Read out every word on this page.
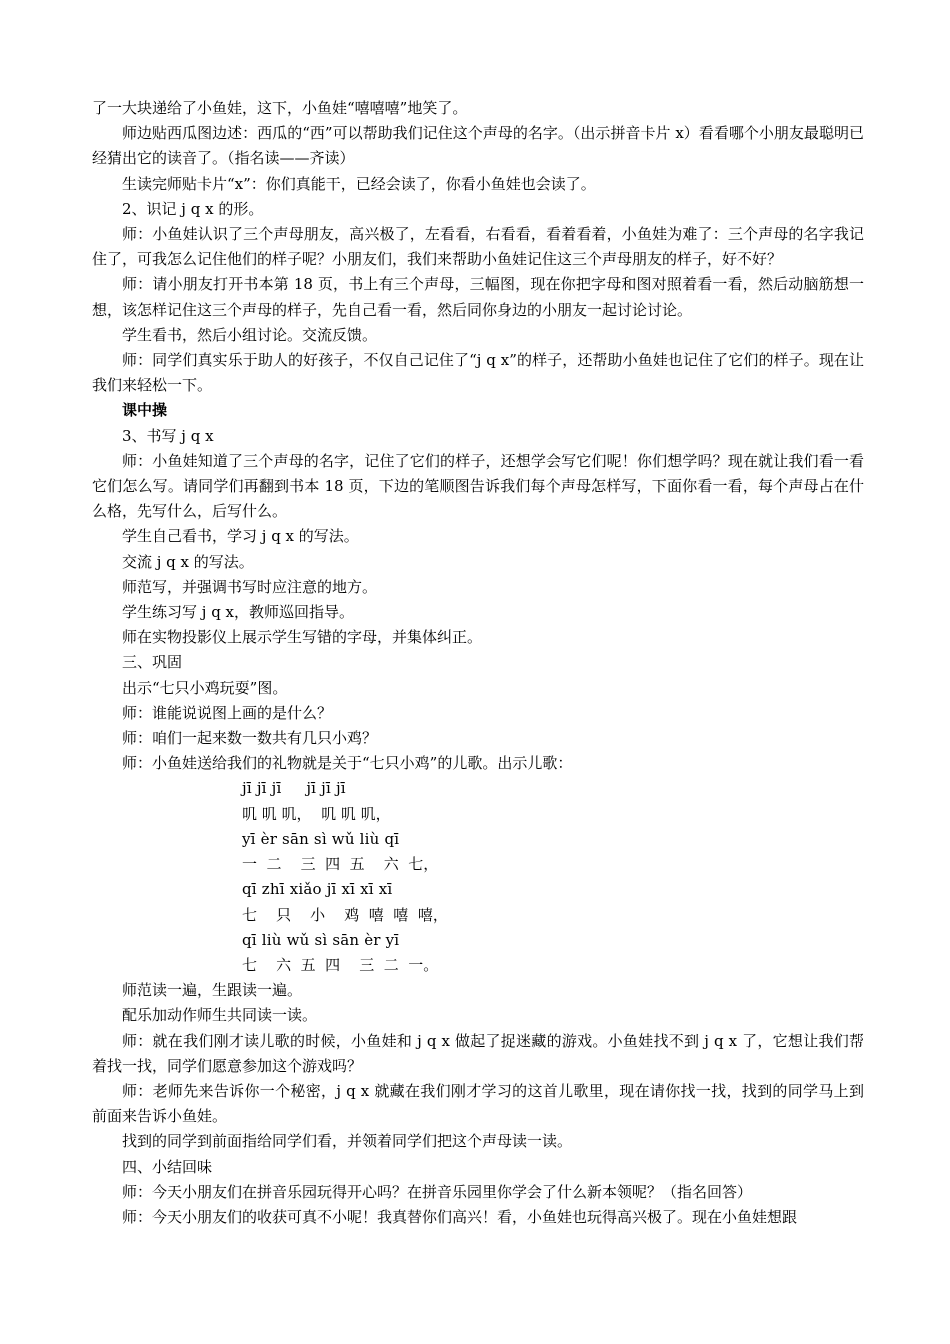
了一大块递给了小鱼娃，这下，小鱼娃“嘻嘻嘻”地笑了。

师边贴西瓜图边述：西瓜的“西”可以帮助我们记住这个声母的名字。（出示拼音卡片 x）看看哪个小朋友最聪明已经猜出它的读音了。（指名读——齐读）

生读完师贴卡片“x”：你们真能干，已经会读了，你看小鱼娃也会读了。

2、识记 j q x 的形。

师：小鱼娃认识了三个声母朋友，高兴极了，左看看，右看看，看着看着，小鱼娃为难了：三个声母的名字我记住了，可我怎么记住他们的样子呢？小朋友们，我们来帮助小鱼娃记住这三个声母朋友的样子，好不好？

师：请小朋友打开书本第 18 页，书上有三个声母，三幅图，现在你把字母和图对照着看一看，然后动脑筋想一想，该怎样记住这三个声母的样子，先自己看一看，然后同你身边的小朋友一起讨论讨论。

学生看书，然后小组讨论。交流反馈。

师：同学们真实乐于助人的好孩子，不仅自己记住了“j q x”的样子，还帮助小鱼娃也记住了它们的样子。现在让我们来轻松一下。

课中操

3、书写 j q x

师：小鱼娃知道了三个声母的名字，记住了它们的样子，还想学会写它们呢！你们想学吗？现在就让我们看一看它们怎么写。请同学们再翻到书本 18 页，下边的笔顺图告诉我们每个声母怎样写，下面你看一看，每个声母占在什么格，先写什么，后写什么。

学生自己看书，学习 j q x 的写法。

交流 j q x 的写法。

师范写，并强调书写时应注意的地方。

学生练习写 j q x，教师巡回指导。

师在实物投影仪上展示学生写错的字母，并集体纠正。

三、巩固

出示“七只小鸡玩耍”图。

师：谁能说说图上画的是什么？

师：咱们一起来数一数共有几只小鸡？

师：小鱼娃送给我们的礼物就是关于“七只小鸡”的儿歌。出示儿歌：

jī jī jī     jī jī jī

叽 叽 叽，  叽 叽 叽，

yī èr sān sì wǔ liù qī

一  二    三  四  五    六  七，

qī zhī xiǎo jī xī xī xī

七    只    小    鸡  嘻  嘻  嘻，

qī liù wǔ sì sān èr yī

七    六  五  四    三  二  一。

师范读一遍，生跟读一遍。

配乐加动作师生共同读一读。

师：就在我们刚才读儿歌的时候，小鱼娃和 j q x 做起了捉迷藏的游戏。小鱼娃找不到 j q x 了，它想让我们帮着找一找，同学们愿意参加这个游戏吗？

师：老师先来告诉你一个秘密，j q x 就藏在我们刚才学习的这首儿歌里，现在请你找一找，找到的同学马上到前面来告诉小鱼娃。

找到的同学到前面指给同学们看，并领着同学们把这个声母读一读。

四、小结回味

师：今天小朋友们在拼音乐园玩得开心吗？在拼音乐园里你学会了什么新本领呢？（指名回答）

师：今天小朋友们的收获可真不小呢！我真替你们高兴！看，小鱼娃也玩得高兴极了。现在小鱼娃想跟
